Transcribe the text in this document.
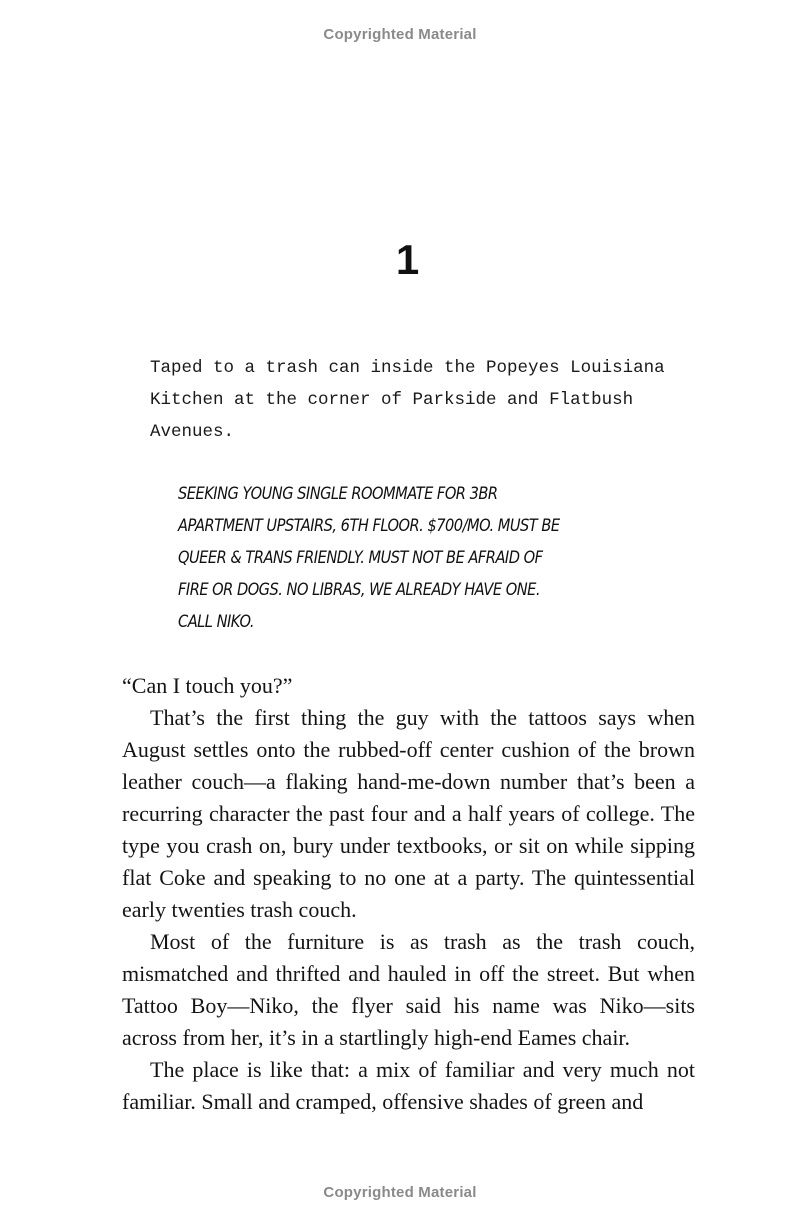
Copyrighted Material
1

Taped to a trash can inside the Popeyes Louisiana Kitchen at the corner of Parkside and Flatbush Avenues.

SEEKING YOUNG SINGLE ROOMMATE FOR 3BR APARTMENT UPSTAIRS, 6TH FLOOR. $700/MO. MUST BE QUEER & TRANS FRIENDLY. MUST NOT BE AFRAID OF FIRE OR DOGS. NO LIBRAS, WE ALREADY HAVE ONE. CALL NIKO.

“Can I touch you?”

That’s the first thing the guy with the tattoos says when August settles onto the rubbed-off center cushion of the brown leather couch—a flaking hand-me-down number that’s been a recurring character the past four and a half years of college. The type you crash on, bury under textbooks, or sit on while sipping flat Coke and speaking to no one at a party. The quintessential early twenties trash couch.

Most of the furniture is as trash as the trash couch, mismatched and thrifted and hauled in off the street. But when Tattoo Boy—Niko, the flyer said his name was Niko—sits across from her, it’s in a startlingly high-end Eames chair.

The place is like that: a mix of familiar and very much not familiar. Small and cramped, offensive shades of green and

Copyrighted Material
